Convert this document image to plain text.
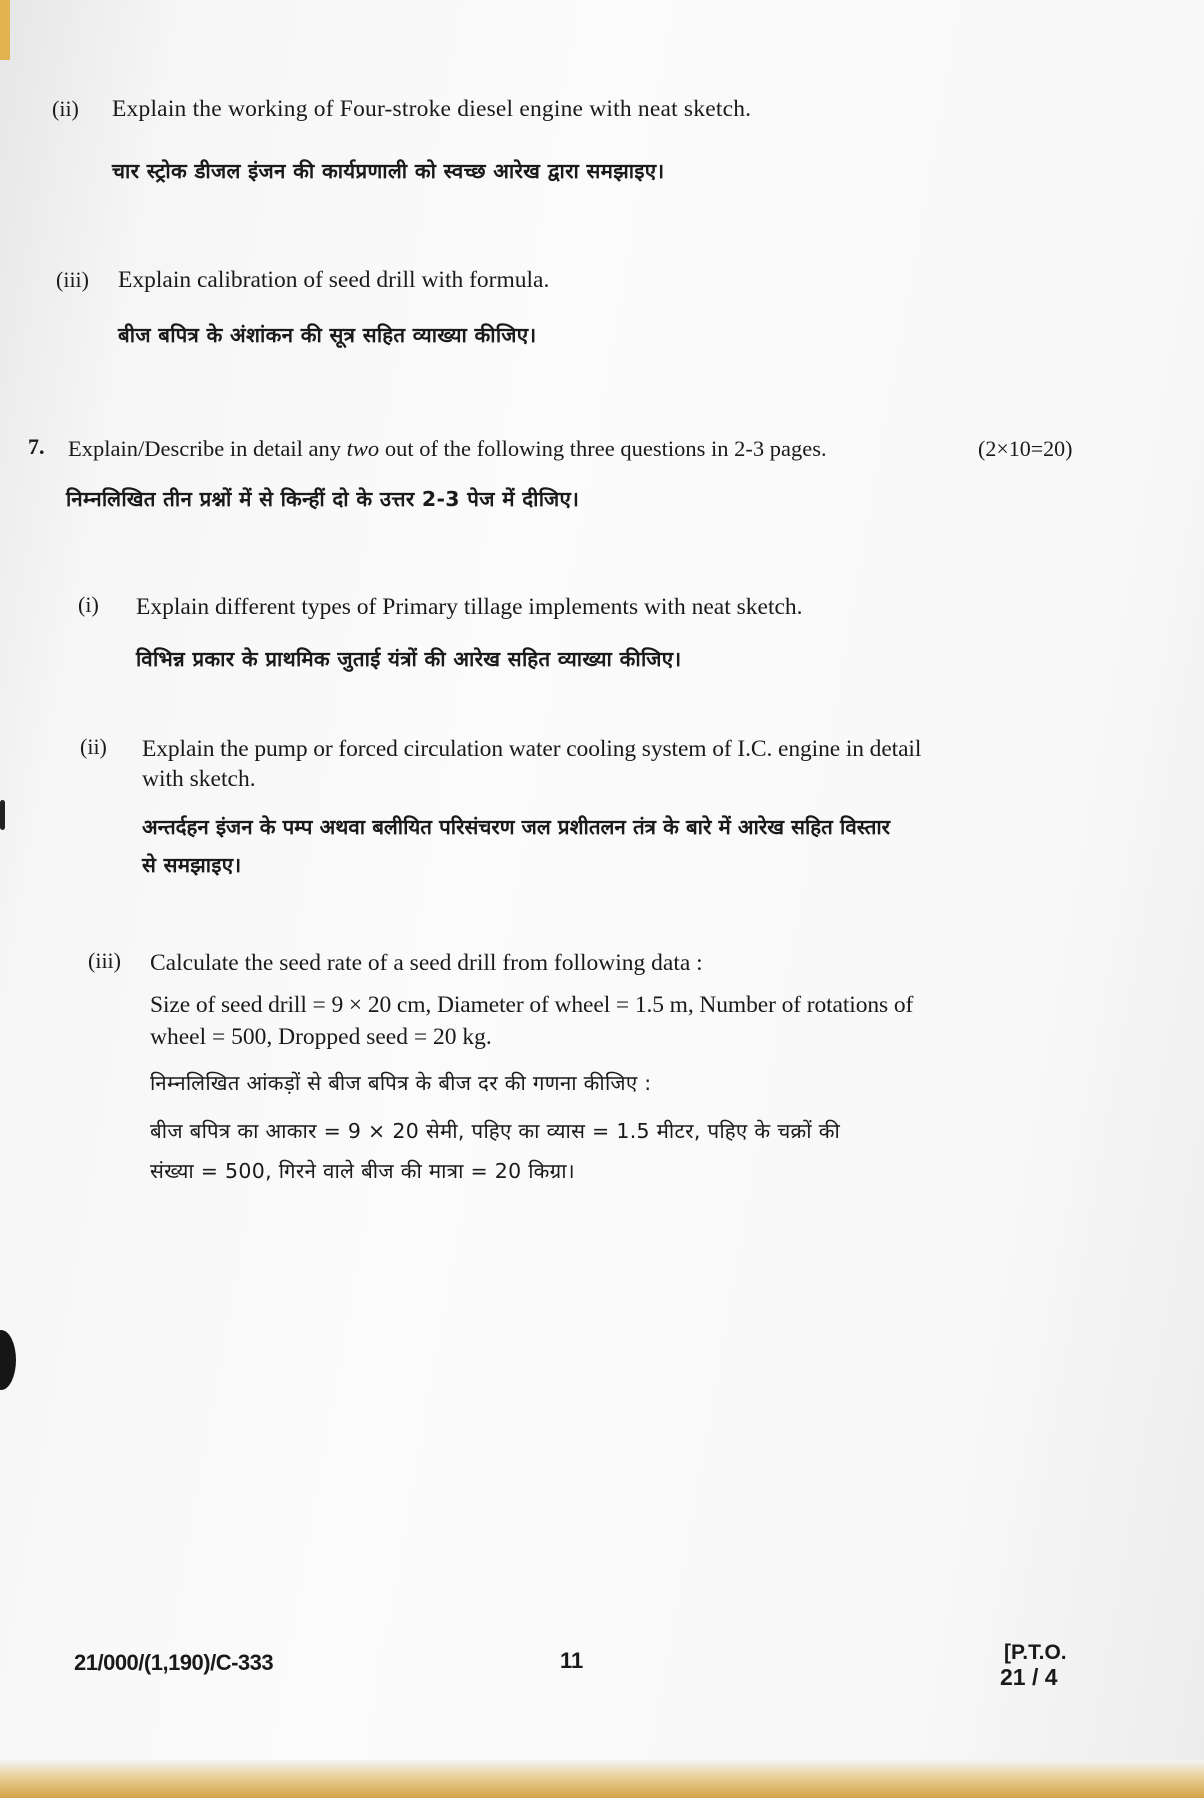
(ii) Explain the working of Four-stroke diesel engine with neat sketch.
चार स्ट्रोक डीजल इंजन की कार्यप्रणाली को स्वच्छ आरेख द्वारा समझाइए।
(iii) Explain calibration of seed drill with formula.
बीज बपित्र के अंशांकन की सूत्र सहित व्याख्या कीजिए।
7. Explain/Describe in detail any two out of the following three questions in 2-3 pages.	(2×10=20)
निम्नलिखित तीन प्रश्नों में से किन्हीं दो के उत्तर 2-3 पेज में दीजिए।
(i) Explain different types of Primary tillage implements with neat sketch.
विभिन्न प्रकार के प्राथमिक जुताई यंत्रों की आरेख सहित व्याख्या कीजिए।
(ii) Explain the pump or forced circulation water cooling system of I.C. engine in detail
with sketch.
अन्तर्दहन इंजन के पम्प अथवा बलीयित परिसंचरण जल प्रशीतलन तंत्र के बारे में आरेख सहित विस्तार
से समझाइए।
(iii) Calculate the seed rate of a seed drill from following data :
Size of seed drill = 9 × 20 cm, Diameter of wheel = 1.5 m, Number of rotations of
wheel = 500, Dropped seed = 20 kg.
निम्नलिखित आंकड़ों से बीज बपित्र के बीज दर की गणना कीजिए :
बीज बपित्र का आकार = 9 × 20 सेमी, पहिए का व्यास = 1.5 मीटर, पहिए के चक्रों की
संख्या = 500, गिरने वाले बीज की मात्रा = 20 किग्रा।
21/000/(1,190)/C-333	11	[P.T.O.
21 / 4
